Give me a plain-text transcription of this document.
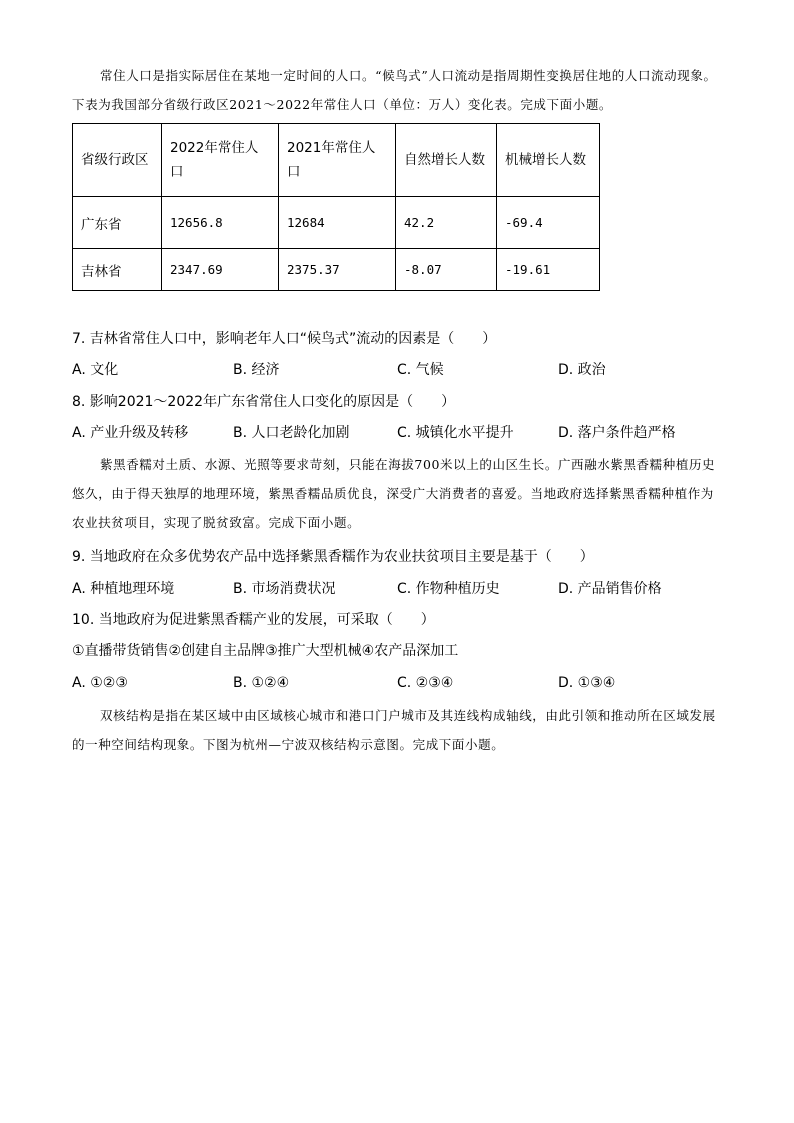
常住人口是指实际居住在某地一定时间的人口。“候鸟式”人口流动是指周期性变换居住地的人口流动现象。下表为我国部分省级行政区2021～2022年常住人口（单位：万人）变化表。完成下面小题。

省级行政区	2022年常住人口	2021年常住人口	自然增长人数	机械增长人数
广东省	12656.8	12684	42.2	-69.4
吉林省	2347.69	2375.37	-8.07	-19.61

7. 吉林省常住人口中，影响老年人口“候鸟式”流动的因素是（　　）

A. 文化	B. 经济	C. 气候	D. 政治

8. 影响2021～2022年广东省常住人口变化的原因是（　　）

A. 产业升级及转移	B. 人口老龄化加剧	C. 城镇化水平提升	D. 落户条件趋严格

紫黑香糯对土质、水源、光照等要求苛刻，只能在海拔700米以上的山区生长。广西融水紫黑香糯种植历史悠久，由于得天独厚的地理环境，紫黑香糯品质优良，深受广大消费者的喜爱。当地政府选择紫黑香糯种植作为农业扶贫项目，实现了脱贫致富。完成下面小题。

9. 当地政府在众多优势农产品中选择紫黑香糯作为农业扶贫项目主要是基于（　　）

A. 种植地理环境	B. 市场消费状况	C. 作物种植历史	D. 产品销售价格

10. 当地政府为促进紫黑香糯产业的发展，可采取（　　）

①直播带货销售②创建自主品牌③推广大型机械④农产品深加工

A. ①②③	B. ①②④	C. ②③④	D. ①③④

双核结构是指在某区域中由区域核心城市和港口门户城市及其连线构成轴线，由此引领和推动所在区域发展的一种空间结构现象。下图为杭州—宁波双核结构示意图。完成下面小题。
